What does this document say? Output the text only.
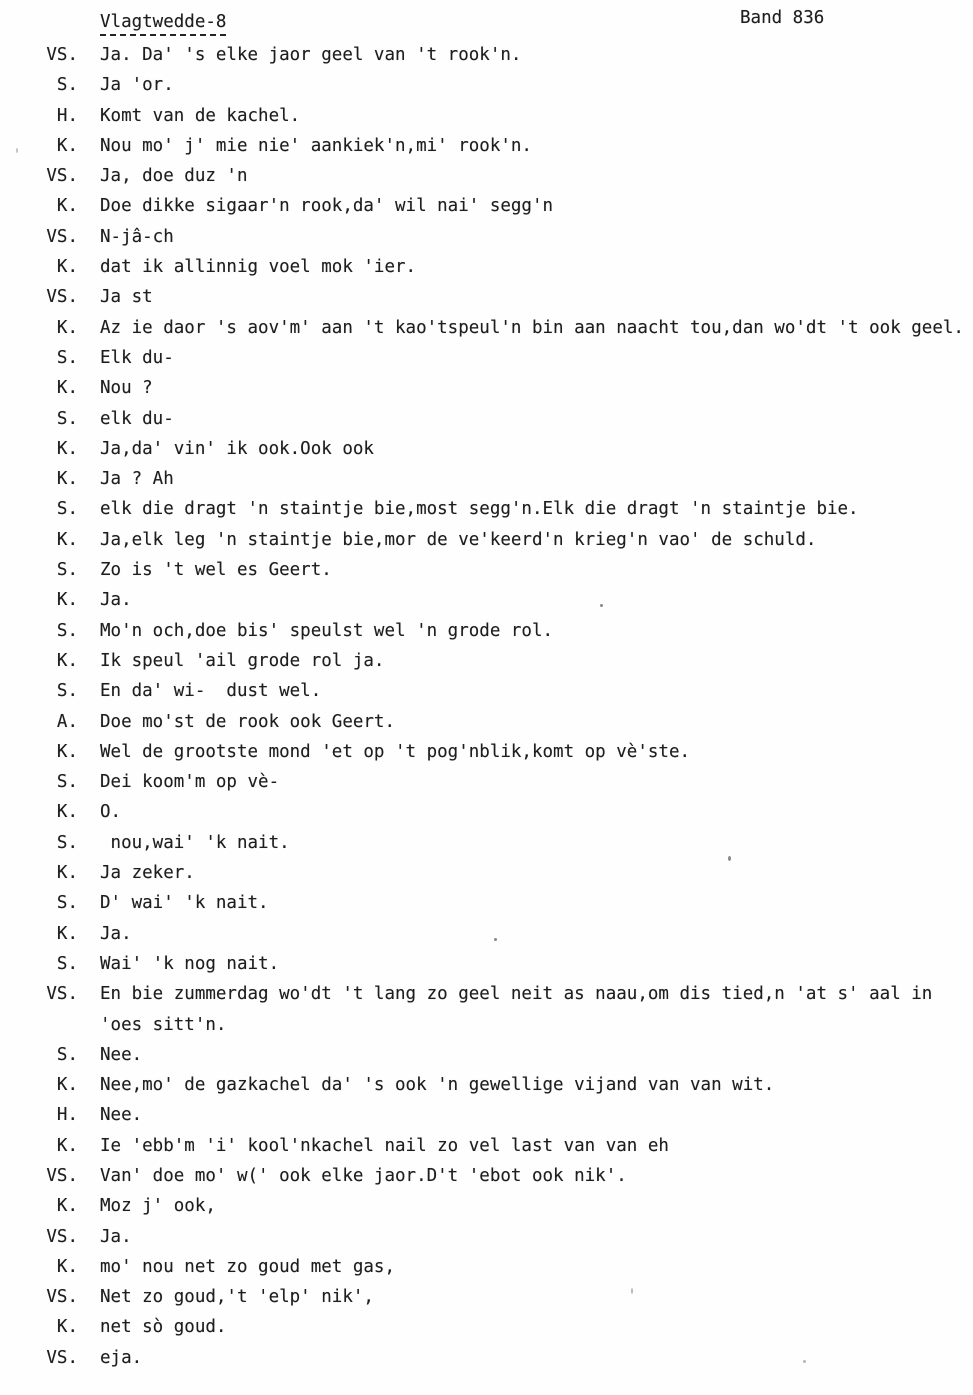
Vlagtwedde-8	Band 836
VS. Ja. Da' 's elke jaor geel van 't rook'n.
S. Ja 'or.
H. Komt van de kachel.
K. Nou mo' j' mie nie' aankiek'n,mi' rook'n.
VS. Ja, doe duz 'n
K. Doe dikke sigaar'n rook,da' wil nai' segg'n
VS. N-jâ-ch
K. dat ik allinnig voel mok 'ier.
VS. Ja st
K. Az ie daor 's aov'm' aan 't kao'tspeul'n bin aan naacht tou,dan wo'dt 't ook geel.
S. Elk du-
K. Nou ?
S. elk du-
K. Ja,da' vin' ik ook.Ook ook
K. Ja ? Ah
S. elk die dragt 'n staintje bie,most segg'n.Elk die dragt 'n staintje bie.
K. Ja,elk leg 'n staintje bie,mor de ve'keerd'n krieg'n vao' de schuld.
S. Zo is 't wel es Geert.
K. Ja.
S. Mo'n och,doe bis' speulst wel 'n grode rol.
K. Ik speul 'ail grode rol ja.
S. En da' wi-  dust wel.
A. Doe mo'st de rook ook Geert.
K. Wel de grootste mond 'et op 't pog'nblik,komt op vè'ste.
S. Dei koom'm op vè-
K. O.
S. nou,wai' 'k nait.
K. Ja zeker.
S. D' wai' 'k nait.
K. Ja.
S. Wai' 'k nog nait.
VS. En bie zummerdag wo'dt 't lang zo geel neit as naau,om dis tied,n 'at s' aal in
'oes sitt'n.
S. Nee.
K. Nee,mo' de gazkachel da' 's ook 'n gewellige vijand van van wit.
H. Nee.
K. Ie 'ebb'm 'i' kool'nkachel nail zo vel last van van eh
VS. Van' doe mo' w(' ook elke jaor.D't 'ebot ook nik'.
K. Moz j' ook,
VS. Ja.
K. mo' nou net zo goud met gas,
VS. Net zo goud,'t 'elp' nik',
K. net sò goud.
VS. eja.
